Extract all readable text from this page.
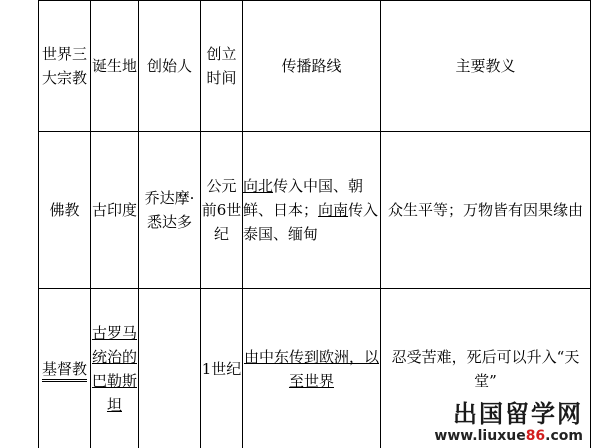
世界三大宗教	诞生地	创始人	创立时间	传播路线	主要教义
佛教	古印度	乔达摩·悉达多	公元前6世纪	向北传入中国、朝鲜、日本；向南传入泰国、缅甸	众生平等；万物皆有因果缘由
基督教	古罗马统治的巴勒斯坦		1世纪	由中东传到欧洲，以至世界	忍受苦难，死后可以升入“天堂”
出国留学网
www.liuxue86.com
